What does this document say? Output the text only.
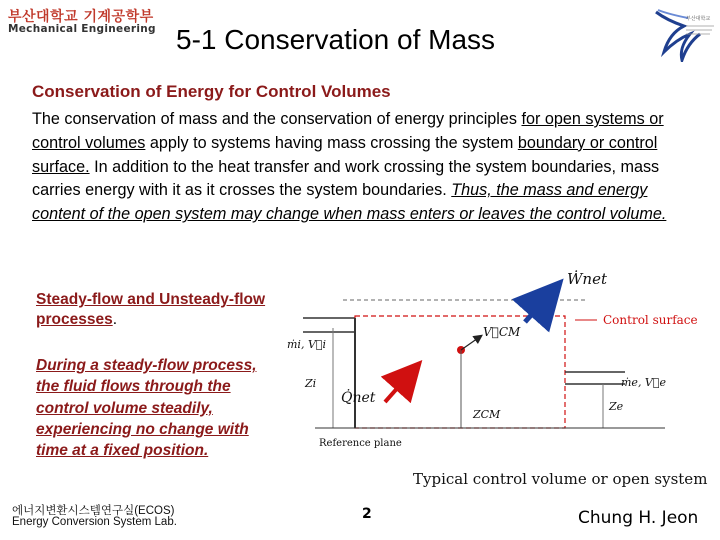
부산대학교 기계공학부
Mechanical Engineering 5-1 Conservation of Mass
부산대학교
Conservation of Energy for Control Volumes
The conservation of mass and the conservation of energy principles for open systems or control volumes apply to systems having mass crossing the system boundary or control surface. In addition to the heat transfer and work crossing the system boundaries, mass carries energy with it as it crosses the system boundaries. Thus, the mass and energy content of the open system may change when mass enters or leaves the control volume.
Steady-flow and Unsteady-flow processes.
During a steady-flow process, the fluid flows through the control volume steadily, experiencing no change with time at a fixed position.
Ẇnet
Control surface
ṁi, V⃗i
V⃗CM
Zi
Q̇net
ZCM
ṁe, V⃗e
Ze
Reference plane
Typical control volume or open system
에너지변환시스템연구실(ECOS)
Energy Conversion System Lab.	2	Chung H. Jeon
